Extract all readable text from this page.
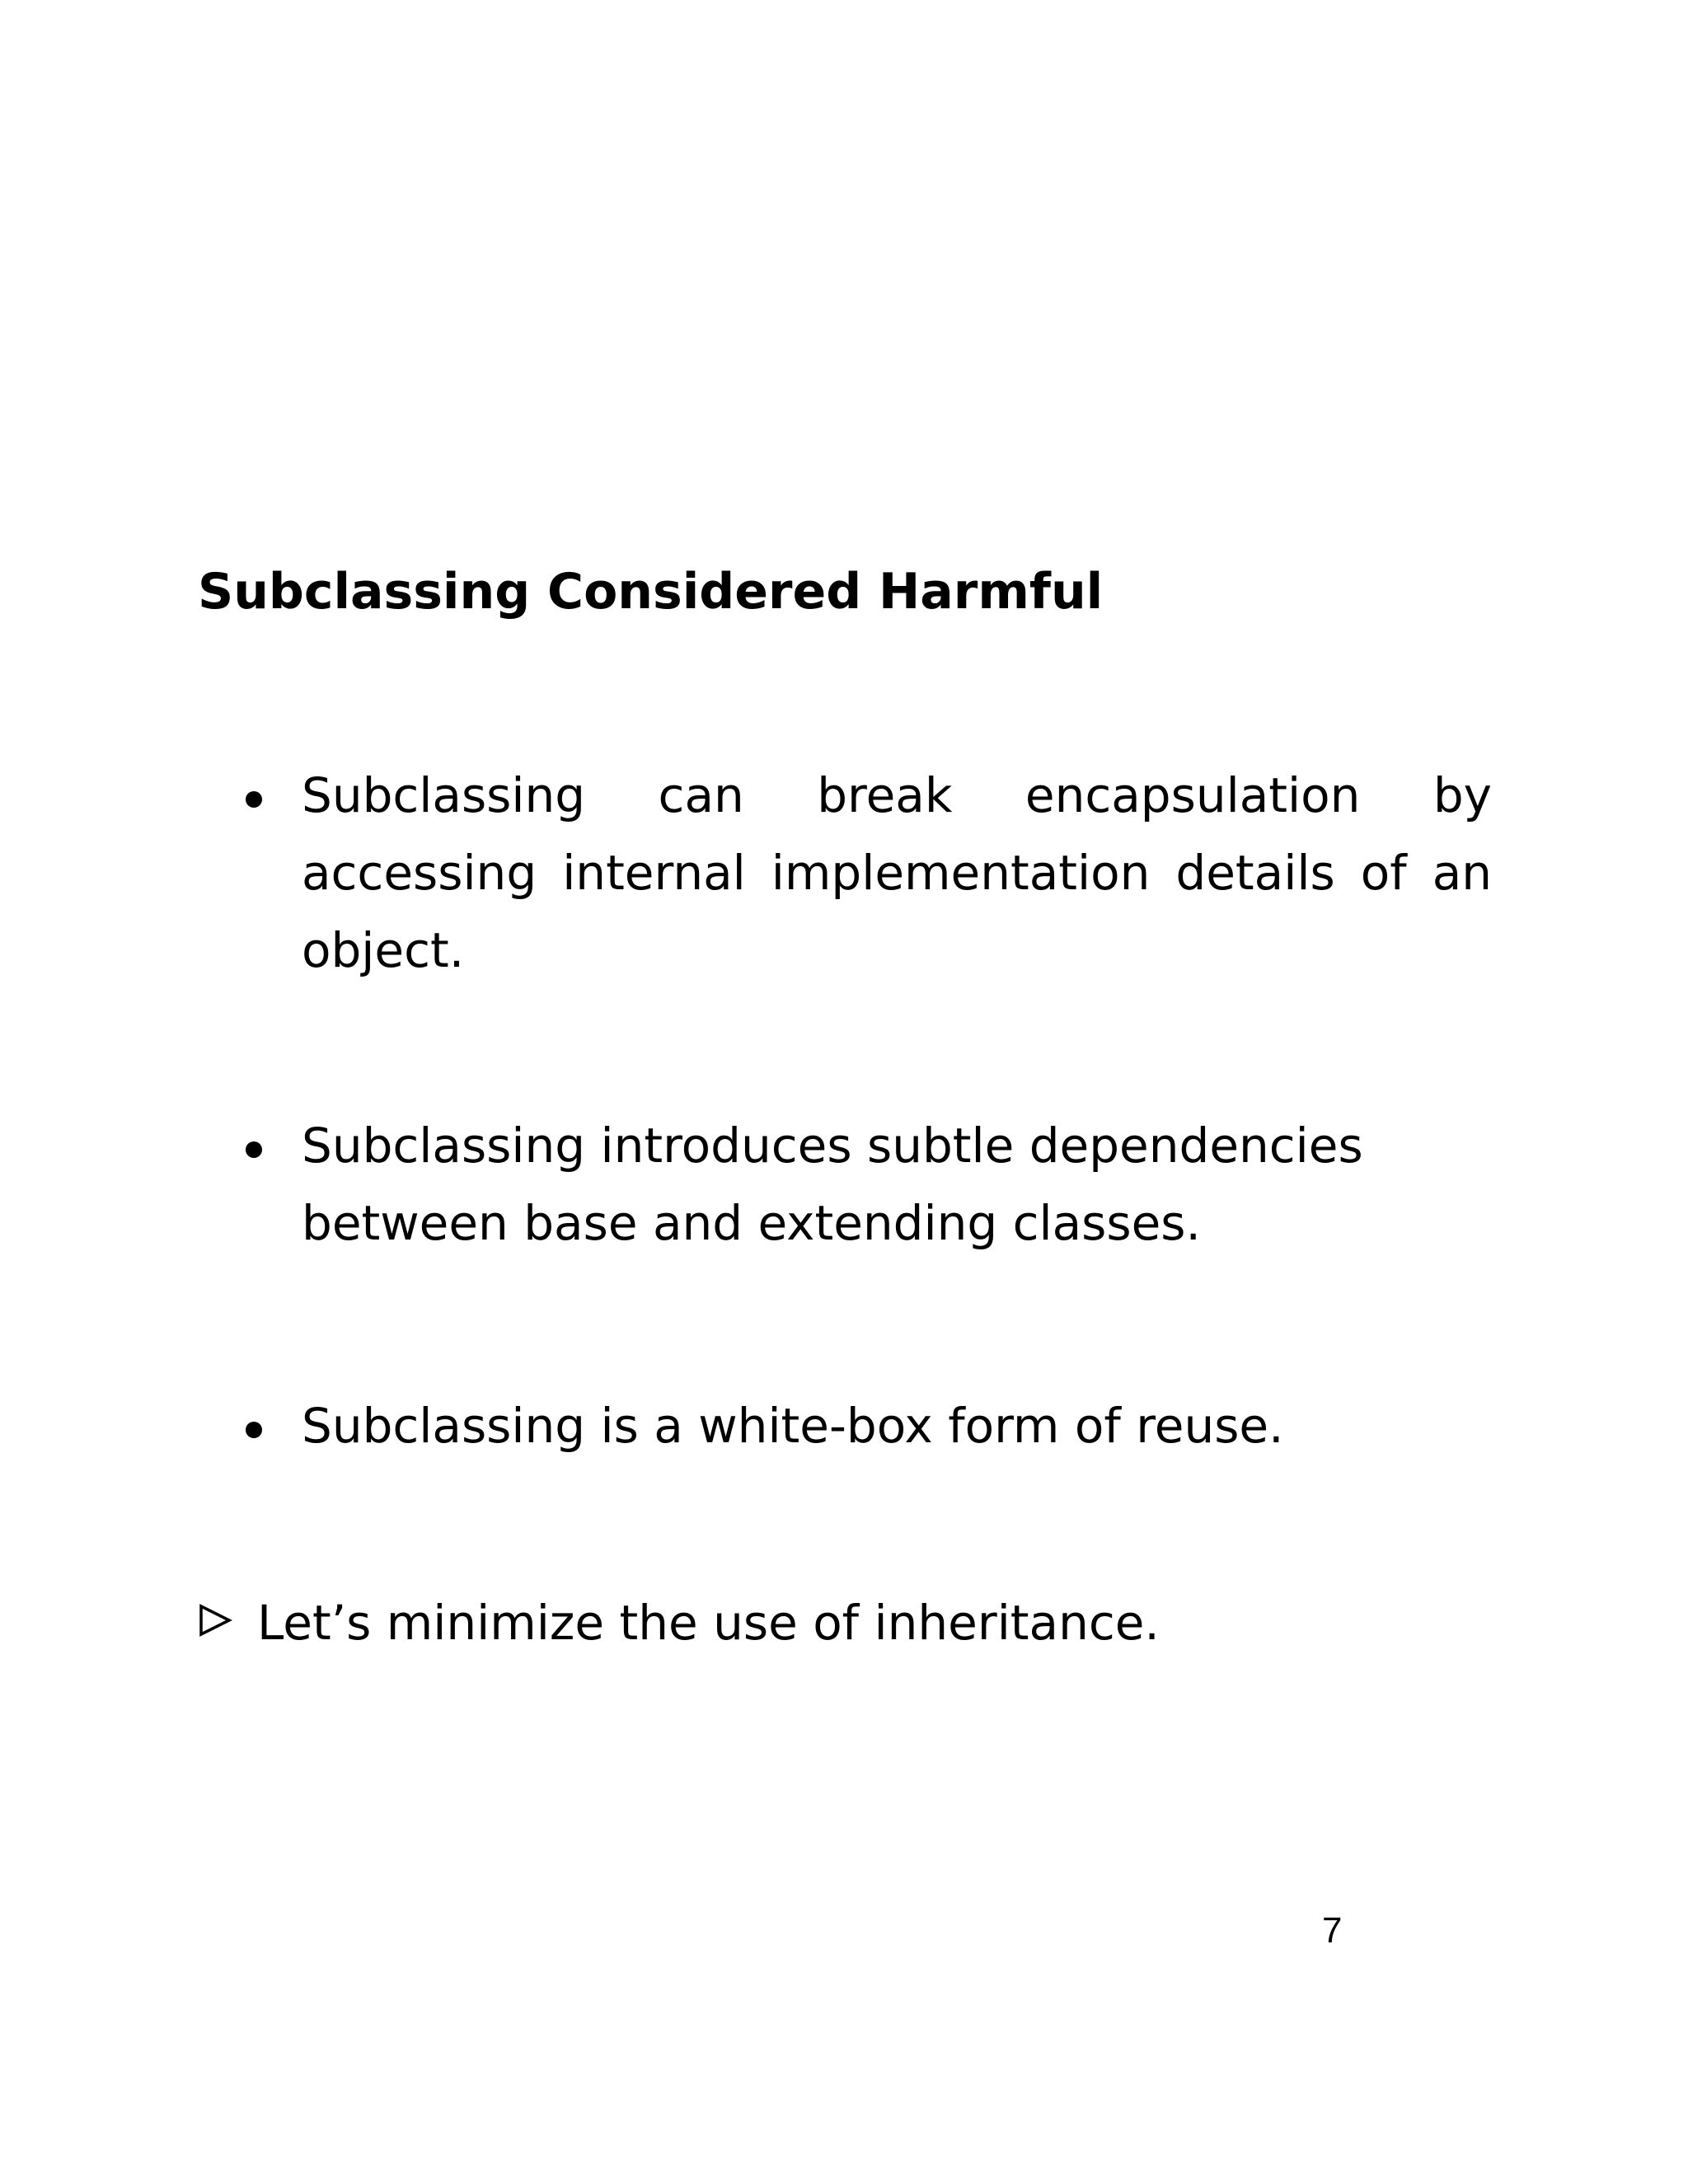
Subclassing Considered Harmful
Subclassing can break encapsulation by accessing internal implementation details of an object.
Subclassing introduces subtle dependencies between base and extending classes.
Subclassing is a white-box form of reuse.

Let’s minimize the use of inheritance.

7
